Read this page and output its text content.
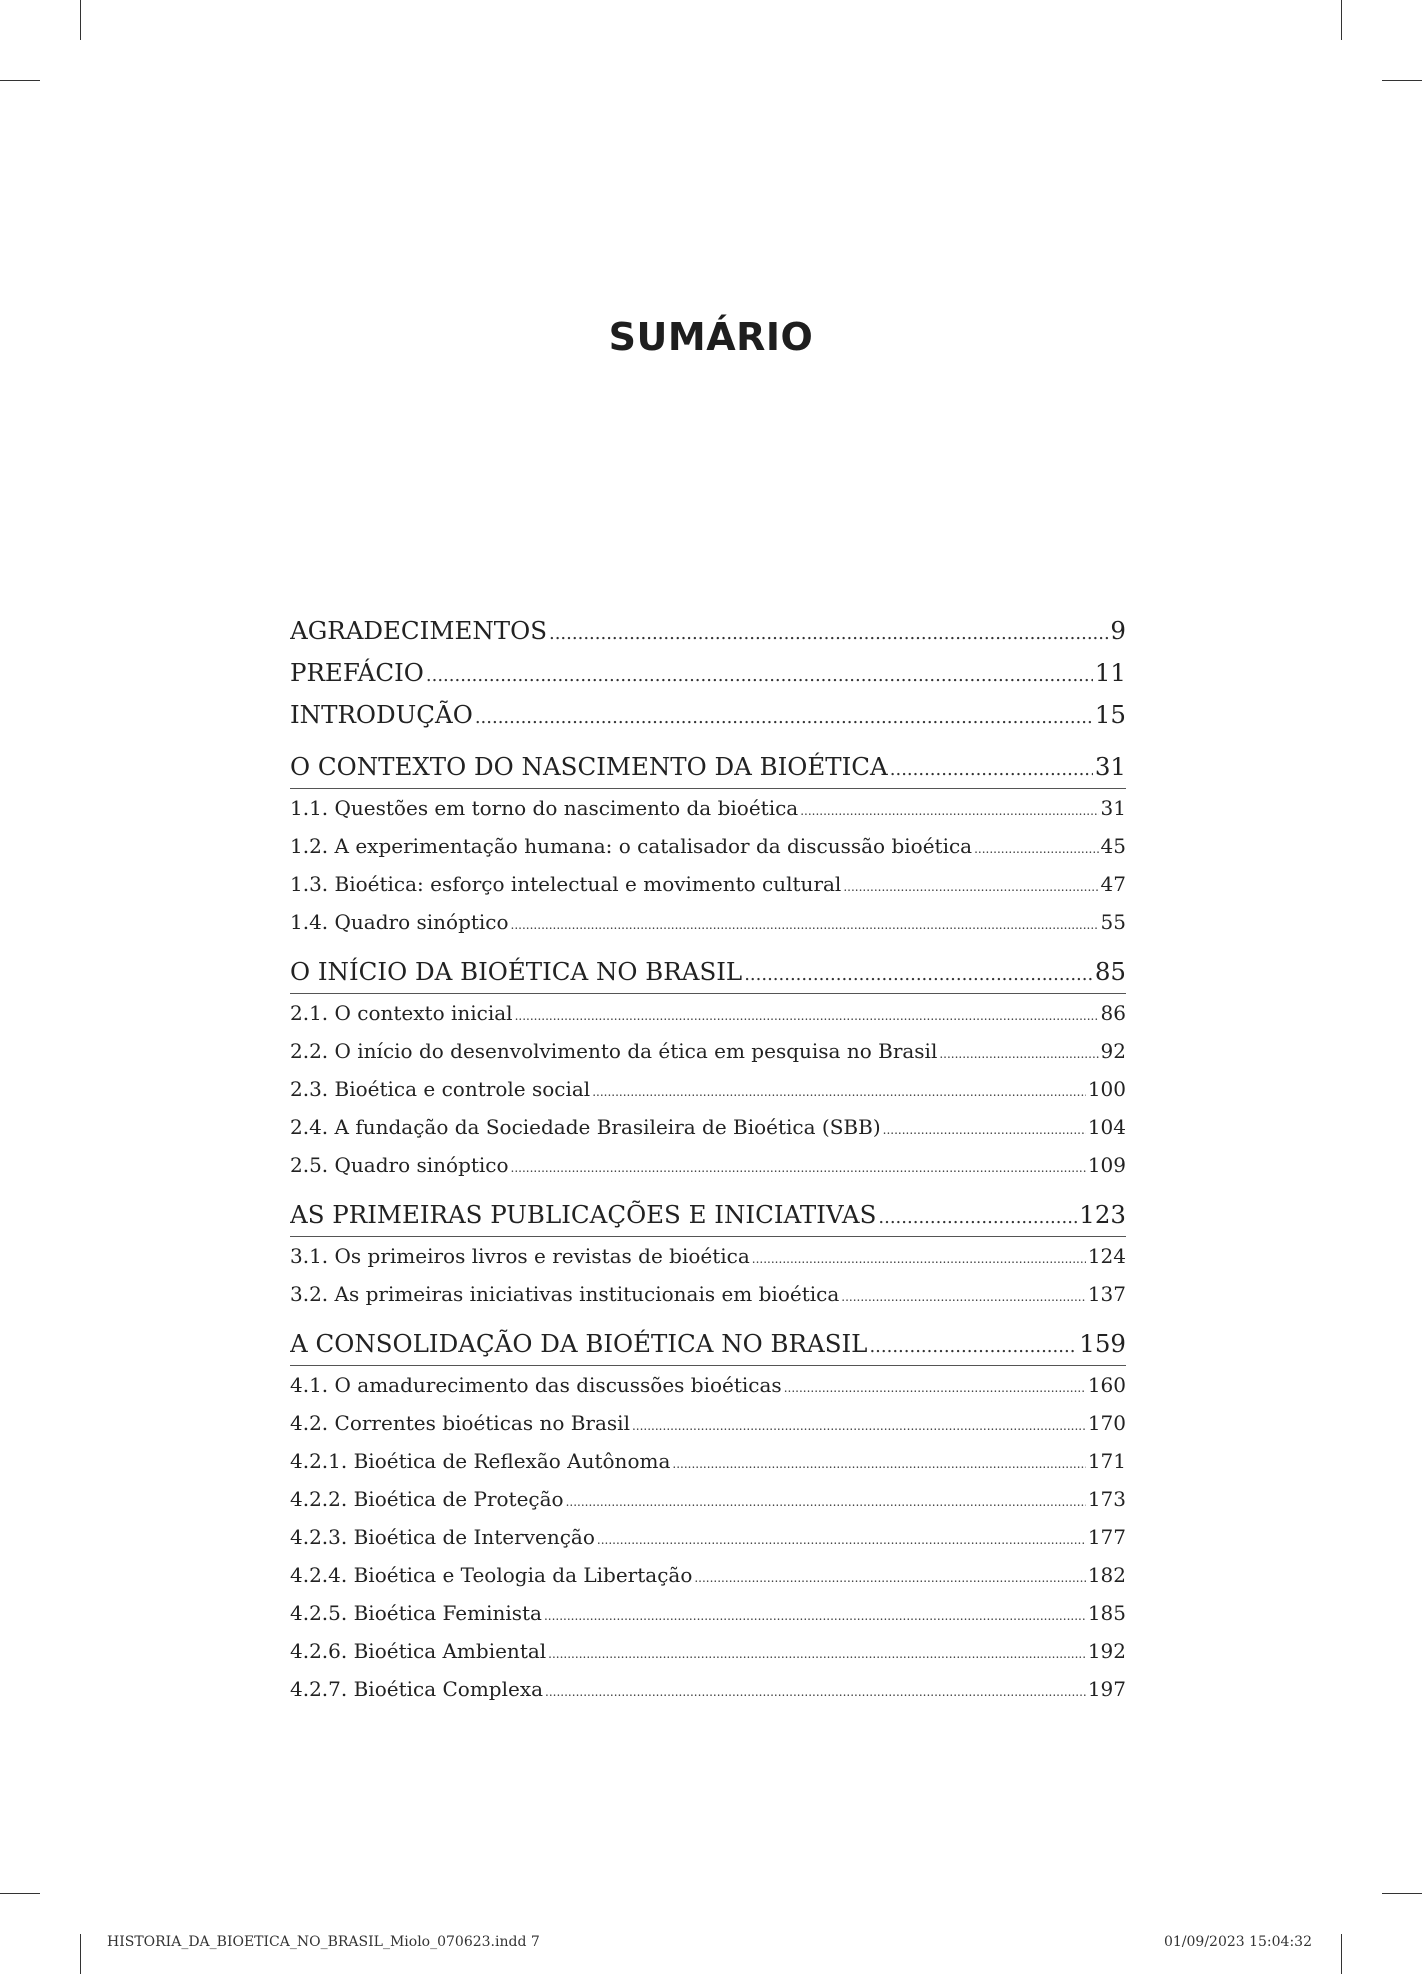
SUMÁRIO
AGRADECIMENTOS .....	9
PREFÁCIO .....	11
INTRODUÇÃO .....	15
O CONTEXTO DO NASCIMENTO DA BIOÉTICA .....	31
1.1. Questões em torno do nascimento da bioética .....	31
1.2. A experimentação humana: o catalisador da discussão bioética .....	45
1.3. Bioética: esforço intelectual e movimento cultural .....	47
1.4. Quadro sinóptico .....	55
O INÍCIO DA BIOÉTICA NO BRASIL .....	85
2.1. O contexto inicial .....	86
2.2. O início do desenvolvimento da ética em pesquisa no Brasil .....	92
2.3. Bioética e controle social .....	100
2.4. A fundação da Sociedade Brasileira de Bioética (SBB) .....	104
2.5. Quadro sinóptico .....	109
AS PRIMEIRAS PUBLICAÇÕES E INICIATIVAS .....	123
3.1. Os primeiros livros e revistas de bioética .....	124
3.2. As primeiras iniciativas institucionais em bioética .....	137
A CONSOLIDAÇÃO DA BIOÉTICA NO BRASIL .....	159
4.1. O amadurecimento das discussões bioéticas .....	160
4.2. Correntes bioéticas no Brasil .....	170
4.2.1. Bioética de Reflexão Autônoma .....	171
4.2.2. Bioética de Proteção .....	173
4.2.3. Bioética de Intervenção .....	177
4.2.4. Bioética e Teologia da Libertação .....	182
4.2.5. Bioética Feminista .....	185
4.2.6. Bioética Ambiental .....	192
4.2.7. Bioética Complexa .....	197
HISTORIA_DA_BIOETICA_NO_BRASIL_Miolo_070623.indd 7	01/09/2023 15:04:32
